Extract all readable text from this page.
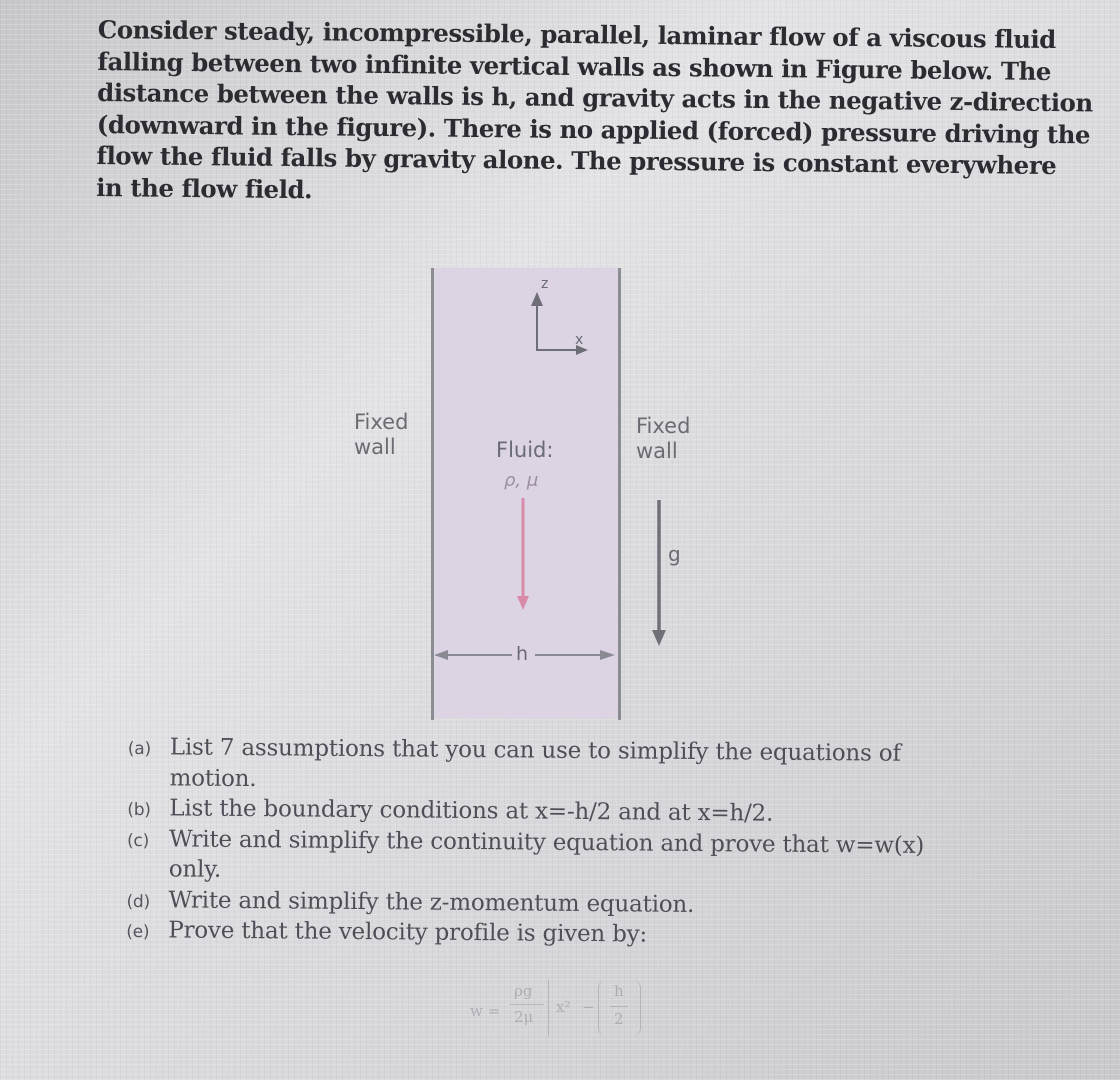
Consider steady, incompressible, parallel, laminar flow of a viscous fluid
falling between two infinite vertical walls as shown in Figure below. The
distance between the walls is h, and gravity acts in the negative z-direction
(downward in the figure). There is no applied (forced) pressure driving the
flow the fluid falls by gravity alone. The pressure is constant everywhere
in the flow field.
z
x
Fixed
wall	Fluid:
ρ, μ
Fixed
wall
g
h
(a) List 7 assumptions that you can use to simplify the equations of
motion.
(b) List the boundary conditions at x=-h/2 and at x=h/2.
(c) Write and simplify the continuity equation and prove that w=w(x)
only.
(d) Write and simplify the z-momentum equation.
(e) Prove that the velocity profile is given by:
w =
ρg
2μ
x² −
h
2
